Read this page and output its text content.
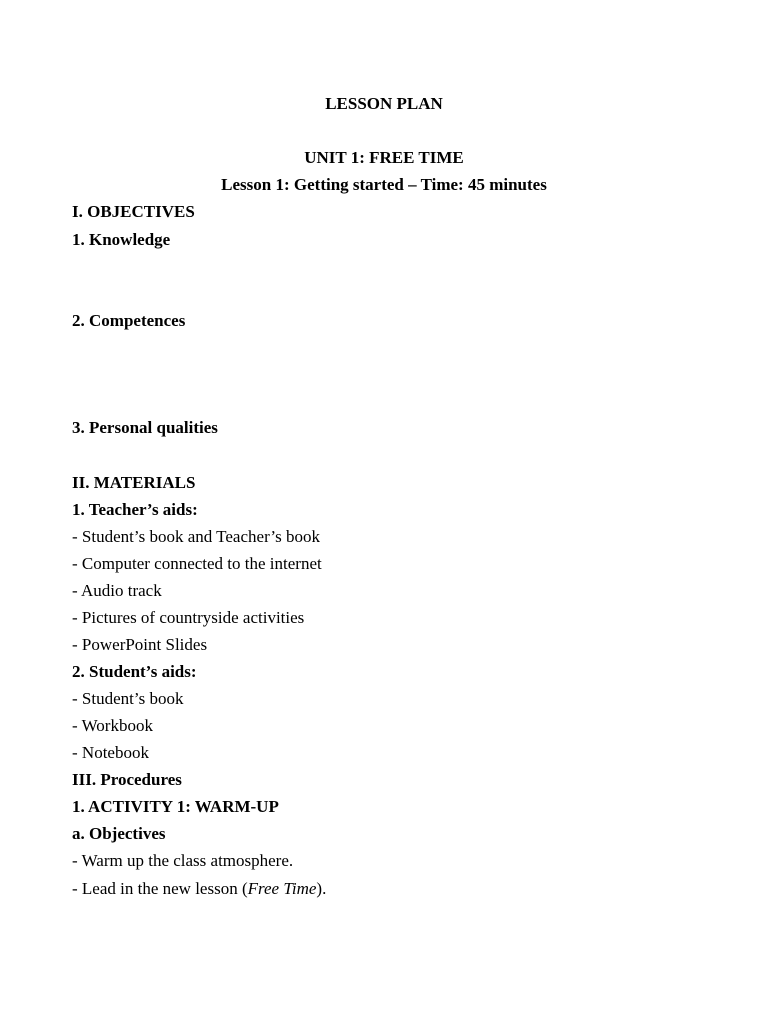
LESSON PLAN
UNIT 1: FREE TIME
Lesson 1: Getting started – Time: 45 minutes
I. OBJECTIVES
1. Knowledge
2. Competences
3. Personal qualities
II. MATERIALS
1. Teacher’s aids:
- Student’s book and Teacher’s book
- Computer connected to the internet
- Audio track
- Pictures of countryside activities
- PowerPoint Slides
2. Student’s aids:
- Student’s book
- Workbook
- Notebook
III. Procedures
1. ACTIVITY 1: WARM-UP
a. Objectives
- Warm up the class atmosphere.
- Lead in the new lesson (Free Time).
